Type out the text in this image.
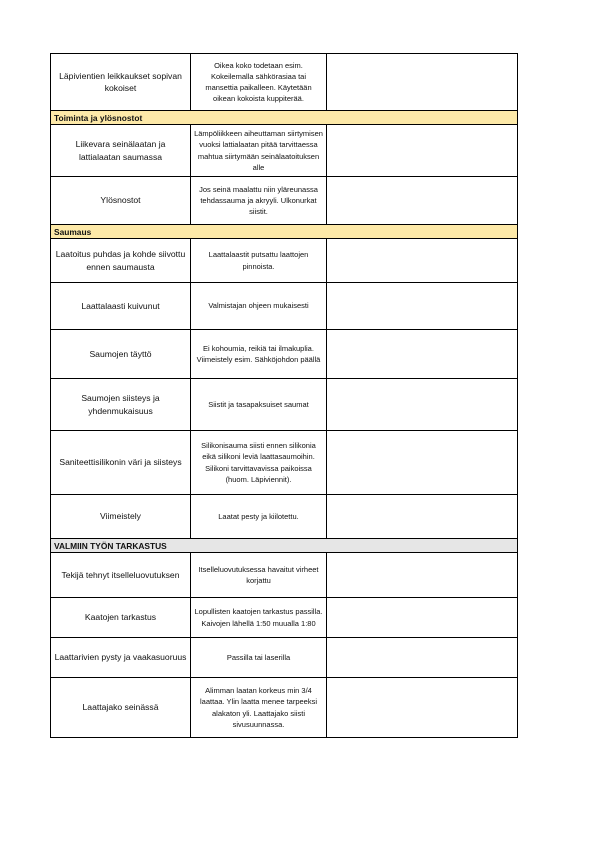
Läpivientien leikkaukset sopivan kokoiset	Oikea koko todetaan esim. Kokeilemalla sähkörasiaa tai mansettia paikalleen. Käytetään oikean kokoista kuppiterää.	
Toiminta ja ylösnostot		
Liikevara seinälaatan ja lattialaatan saumassa	Lämpöliikkeen aiheuttaman siirtymisen vuoksi lattialaatan pitää tarvittaessa mahtua siirtymään seinälaatoituksen alle	
Ylösnostot	Jos seinä maalattu niin yläreunassa tehdassauma ja akryyli. Ulkonurkat siistit.	
Saumaus		
Laatoitus puhdas ja kohde siivottu ennen saumausta	Laattalaastit putsattu laattojen pinnoista.	
Laattalaasti kuivunut	Valmistajan ohjeen mukaisesti	
Saumojen täyttö	Ei kohoumia, reikiä tai ilmakuplia. Viimeistely esim. Sähköjohdon päällä	
Saumojen siisteys ja yhdenmukaisuus	Siistit ja tasapaksuiset saumat	
Saniteettisilikonin väri ja siisteys	Silikonisauma siisti ennen silikonia eikä silikoni leviä laattasaumoihin. Silikoni tarvittavavissa paikoissa (huom. Läpiviennit).	
Viimeistely	Laatat pesty ja kiilotettu.	
VALMIIN TYÖN TARKASTUS		
Tekijä tehnyt itselleluovutuksen	Itselleluovutuksessa havaitut virheet korjattu	
Kaatojen tarkastus	Lopullisten kaatojen tarkastus passilla. Kaivojen lähellä 1:50 muualla 1:80	
Laattarivien pysty ja vaakasuoruus	Passilla tai laserilla	
Laattajako seinässä	Alimman laatan korkeus min 3/4 laattaa. Ylin laatta menee tarpeeksi alakaton yli. Laattajako siisti sivusuunnassa.	
